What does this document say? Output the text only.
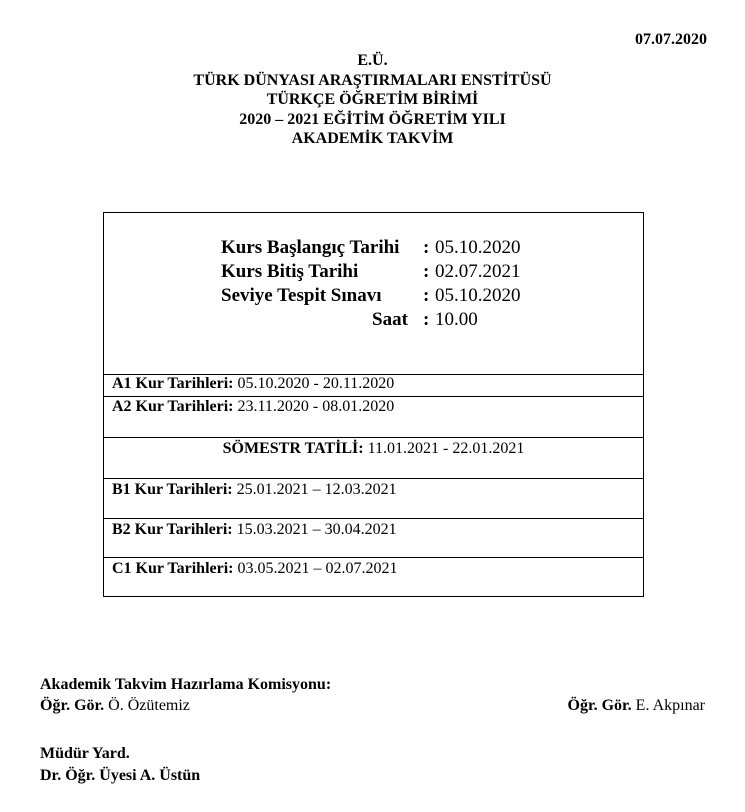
07.07.2020
E.Ü.
TÜRK DÜNYASI ARAŞTIRMALARI ENSTİTÜSÜ
TÜRKÇE ÖĞRETİM BİRİMİ
2020 – 2021 EĞİTİM ÖĞRETİM YILI
AKADEMİK TAKVİM
Kurs Başlangıç Tarihi : 05.10.2020
Kurs Bitiş Tarihi	: 02.07.2021
Seviye Tespit Sınavı : 05.10.2020
Saat : 10.00
A1 Kur Tarihleri: 05.10.2020 - 20.11.2020
A2 Kur Tarihleri: 23.11.2020 - 08.01.2020
SÖMESTR TATİLİ: 11.01.2021 - 22.01.2021
B1 Kur Tarihleri: 25.01.2021 – 12.03.2021
B2 Kur Tarihleri: 15.03.2021 – 30.04.2021
C1 Kur Tarihleri: 03.05.2021 – 02.07.2021
Akademik Takvim Hazırlama Komisyonu:
Öğr. Gör. Ö. Özütemiz	Öğr. Gör. E. Akpınar
Müdür Yard.
Dr. Öğr. Üyesi A. Üstün
